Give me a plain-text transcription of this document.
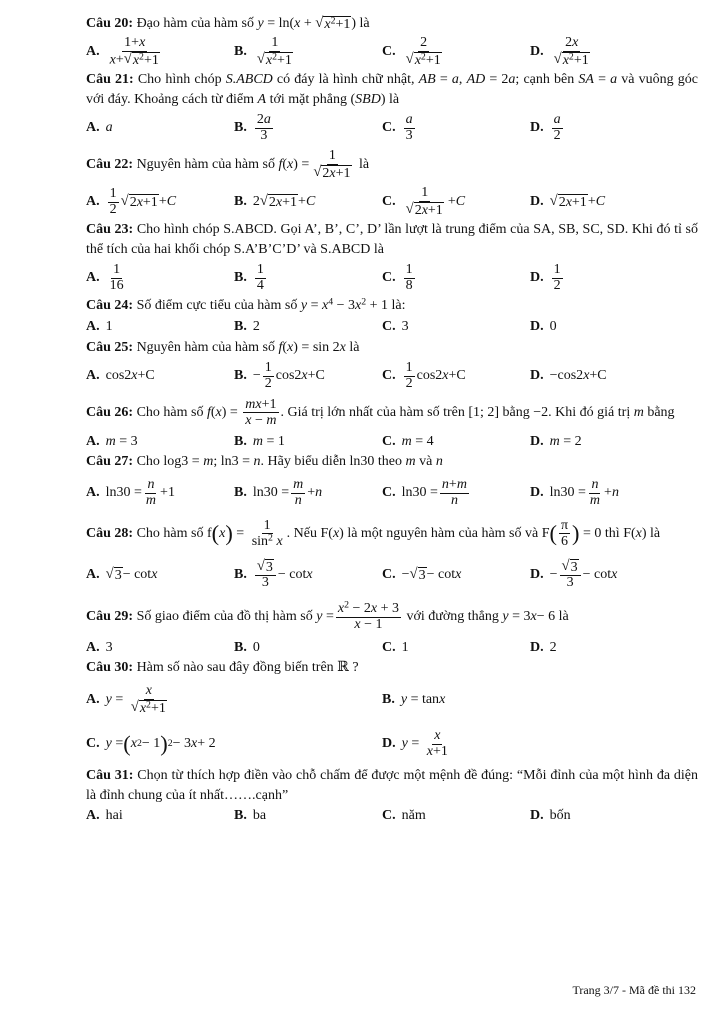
Câu 20: Đạo hàm của hàm số y = ln(x + √ $x^2+1$ ) là
A. $\frac{1+x}{x+ √ x^2+1}$	B. $\frac{1}{√ x^2+1}$	C. $\frac{2}{√ x^2+1}$	D. $\frac{2x}{√ x^2+1}$
Câu 21: Cho hình chóp S.ABCD có đáy là hình chữ nhật, AB = a, AD = 2a; cạnh bên SA = a và vuông góc với đáy. Khoảng cách từ điểm A tới mặt phẳng (SBD) là
A. a	B. $\frac{2a}{3}$	C. $\frac{a}{3}$	D. $\frac{a}{2}$
Câu 22: Nguyên hàm của hàm số f ( x ) = $\frac{1}{√ 2x+1}$ là
A. $\frac{1}{2}$ √ 2x+1 + C	B. 2 √ 2x+1 + C	C. $\frac{1}{√ 2x+1} + C$	D. √ 2x+1 + C
Câu 23: Cho hình chóp S.ABCD. Gọi A’, B’, C’, D’ lần lượt là trung điểm của SA, SB, SC, SD. Khi đó tỉ số thể tích của hai khối chóp S.A’B’C’D’ và S.ABCD là
A. $\frac{1}{16}$	B. $\frac{1}{4}$	C. $\frac{1}{8}$	D. $\frac{1}{2}$
Câu 24: Số điểm cực tiểu của hàm số $y = x^4 - 3x^2 + 1$ là:
A. 1	B. 2	C. 3	D. 0
Câu 25: Nguyên hàm của hàm số f(x) = sin 2x là
A. cos2 x +C	B. − $\frac{1}{2} \cos 2$ x +C	C. $\frac{1}{2} \cos 2$ x +C	D. −cos2 x +C
Câu 26: Cho hàm số $f(x) = \frac{mx+1}{x - m}$ . Giá trị lớn nhất của hàm số trên [1; 2] bằng −2. Khi đó giá trị m bằng
A. m = 3	B. m = 1	C. m = 4	D. m = 2
Câu 27: Cho log3 = m; ln3 = n. Hãy biểu diễn ln30 theo m và n
A. $\ln 30 = \frac{n}{m} +1$	B. $\ln 30 = \frac{m}{n} + n$	C. $\ln 30 = \frac{n+m}{n}$	D. $\ln 30 = \frac{n}{m} + n$
Câu 28: Cho hàm số $f(x) = \frac{1}{\sin^2 x}$ . Nếu F(x) là một nguyên hàm của hàm số và $F( \frac{\pi}{6}$ ) = 0 thì F(x) là
A. √ 3 − cot x	B. $\frac{√ 3}{3} - \cot x$	C. − √ 3 − cot x	D. − $\frac{√ 3}{3} - \cot x$
Câu 29: Số giao điểm của đồ thị hàm số $y = \frac{x^2 - 2x + 3}{x - 1}$ với đường thẳng y = 3 x − 6 là
A. 3	B. 0	C. 1	D. 2
Câu 30: Hàm số nào sau đây đồng biến trên ℝ ?
A. $y = \frac{x}{√ x^2+1}$	B. y = tan x
C. y = ( x 2 − 1 ) 2 − 3 x + 2	D. $y = \frac{x}{x+1}$
Câu 31: Chọn từ thích hợp điền vào chỗ chấm để được một mệnh đề đúng: “Mỗi đỉnh của một hình đa diện là đỉnh chung của ít nhất…….cạnh”
A. hai	B. ba	C. năm	D. bốn
Trang 3/7 - Mã đề thi 132
